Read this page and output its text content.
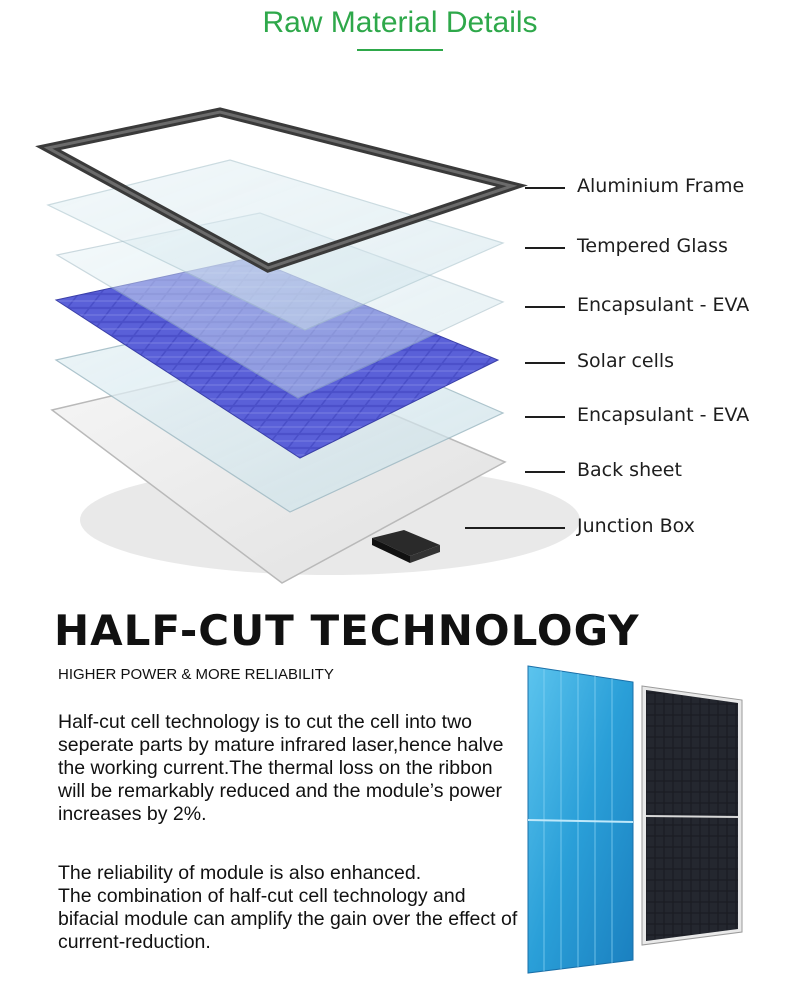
Raw Material Details
Aluminium Frame
Tempered Glass
Encapsulant - EVA
Solar cells
Encapsulant - EVA
Back sheet
Junction Box
HALF-CUT TECHNOLOGY
HIGHER POWER & MORE RELIABILITY

Half-cut cell technology is to cut the cell into two seperate parts by mature infrared laser,hence halve the working current.The thermal loss on the ribbon will be remarkably reduced and the module’s power increases by 2%.

The reliability of module is also enhanced.

The combination of half-cut cell technology and bifacial module can amplify the gain over the effect of current-reduction.
